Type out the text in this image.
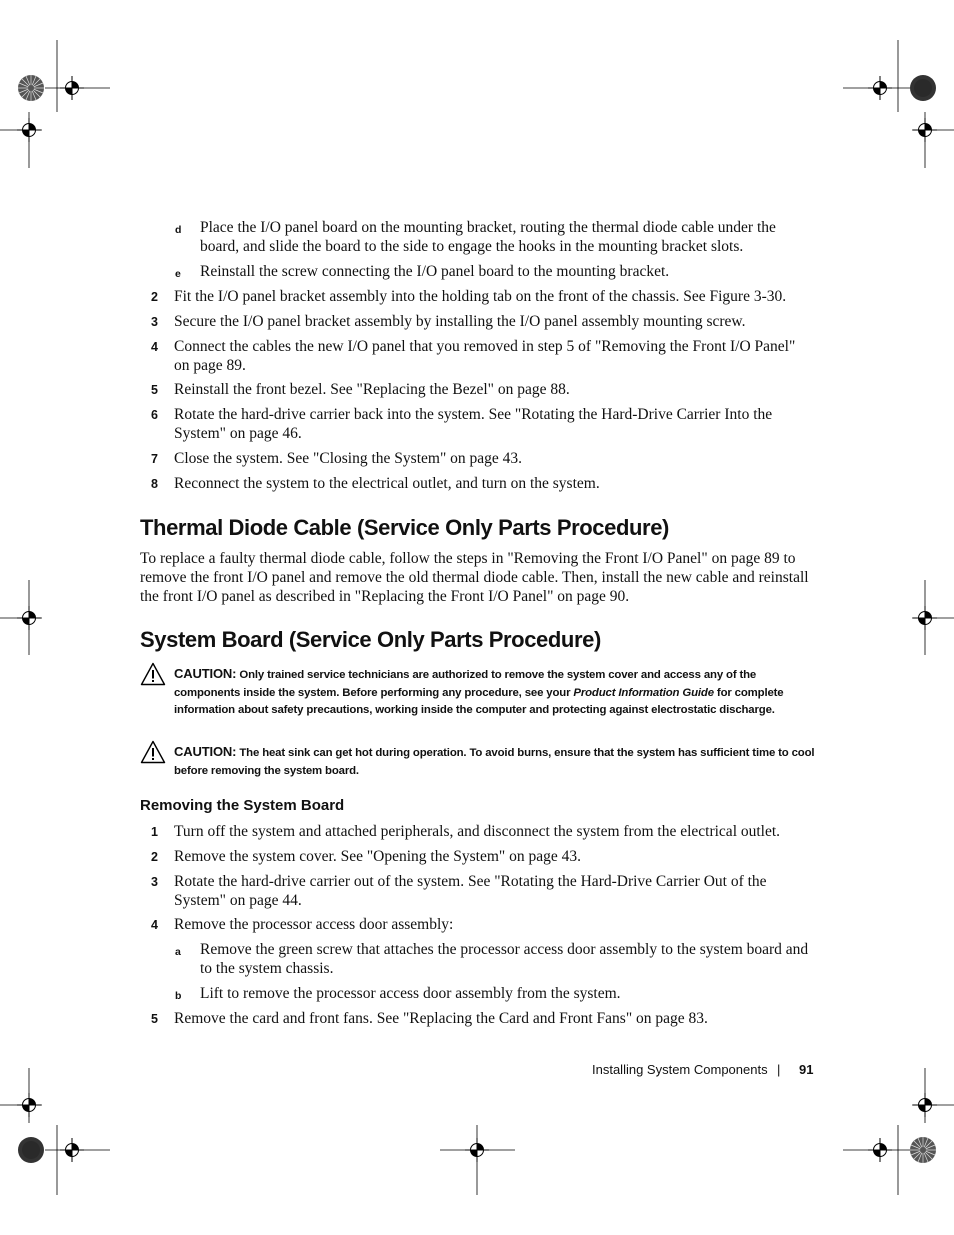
d Place the I/O panel board on the mounting bracket, routing the thermal diode cable under the board, and slide the board to the side to engage the hooks in the mounting bracket slots.
e Reinstall the screw connecting the I/O panel board to the mounting bracket.
2 Fit the I/O panel bracket assembly into the holding tab on the front of the chassis. See Figure 3-30.
3 Secure the I/O panel bracket assembly by installing the I/O panel assembly mounting screw.
4 Connect the cables the new I/O panel that you removed in step 5 of "Removing the Front I/O Panel" on page 89.
5 Reinstall the front bezel. See "Replacing the Bezel" on page 88.
6 Rotate the hard-drive carrier back into the system. See "Rotating the Hard-Drive Carrier Into the System" on page 46.
7 Close the system. See "Closing the System" on page 43.
8 Reconnect the system to the electrical outlet, and turn on the system.
Thermal Diode Cable (Service Only Parts Procedure)
To replace a faulty thermal diode cable, follow the steps in "Removing the Front I/O Panel" on page 89 to remove the front I/O panel and remove the old thermal diode cable. Then, install the new cable and reinstall the front I/O panel as described in "Replacing the Front I/O Panel" on page 90.
System Board (Service Only Parts Procedure)
CAUTION: Only trained service technicians are authorized to remove the system cover and access any of the components inside the system. Before performing any procedure, see your Product Information Guide for complete information about safety precautions, working inside the computer and protecting against electrostatic discharge.
CAUTION: The heat sink can get hot during operation. To avoid burns, ensure that the system has sufficient time to cool before removing the system board.
Removing the System Board
1 Turn off the system and attached peripherals, and disconnect the system from the electrical outlet.
2 Remove the system cover. See "Opening the System" on page 43.
3 Rotate the hard-drive carrier out of the system. See "Rotating the Hard-Drive Carrier Out of the System" on page 44.
4 Remove the processor access door assembly:
a Remove the green screw that attaches the processor access door assembly to the system board and to the system chassis.
b Lift to remove the processor access door assembly from the system.
5 Remove the card and front fans. See "Replacing the Card and Front Fans" on page 83.
Installing System Components | 91
